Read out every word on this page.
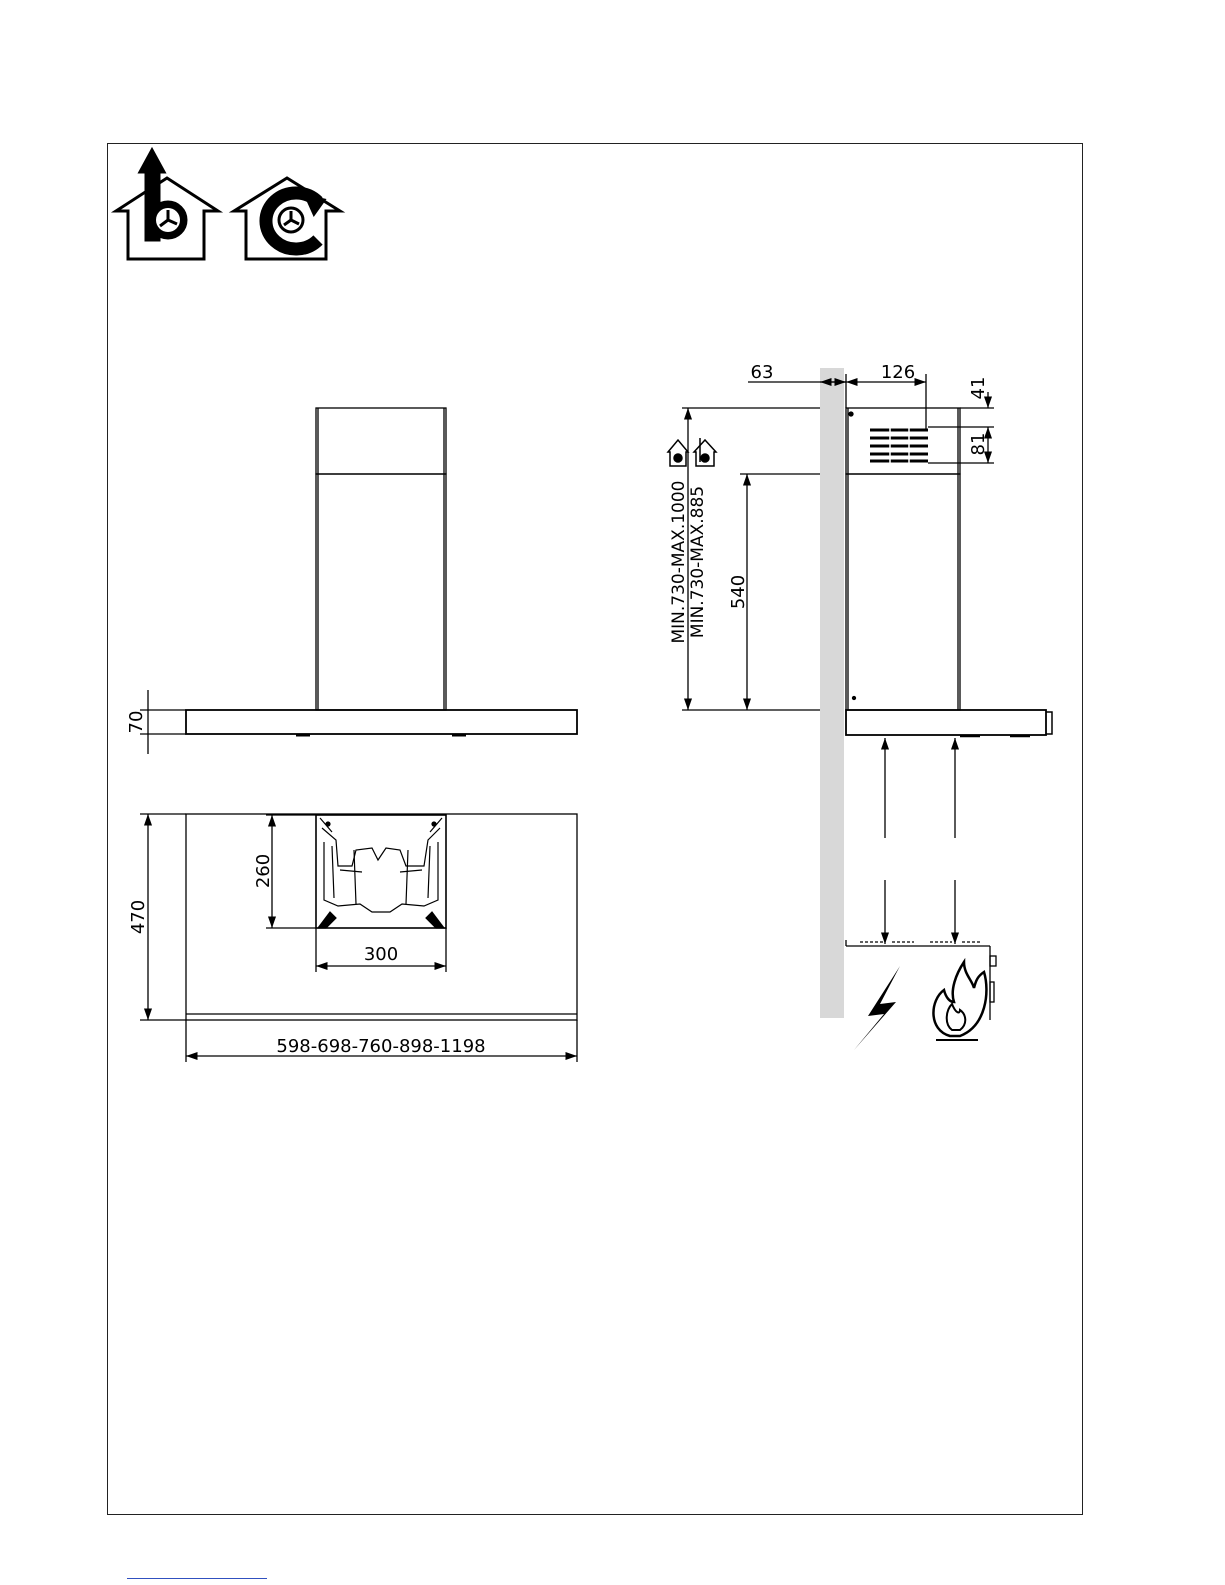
70
470
260
300
598-698-760-898-1198
63	126
41
81
540
MIN.730-MAX.1000 MIN.730-MAX.885
